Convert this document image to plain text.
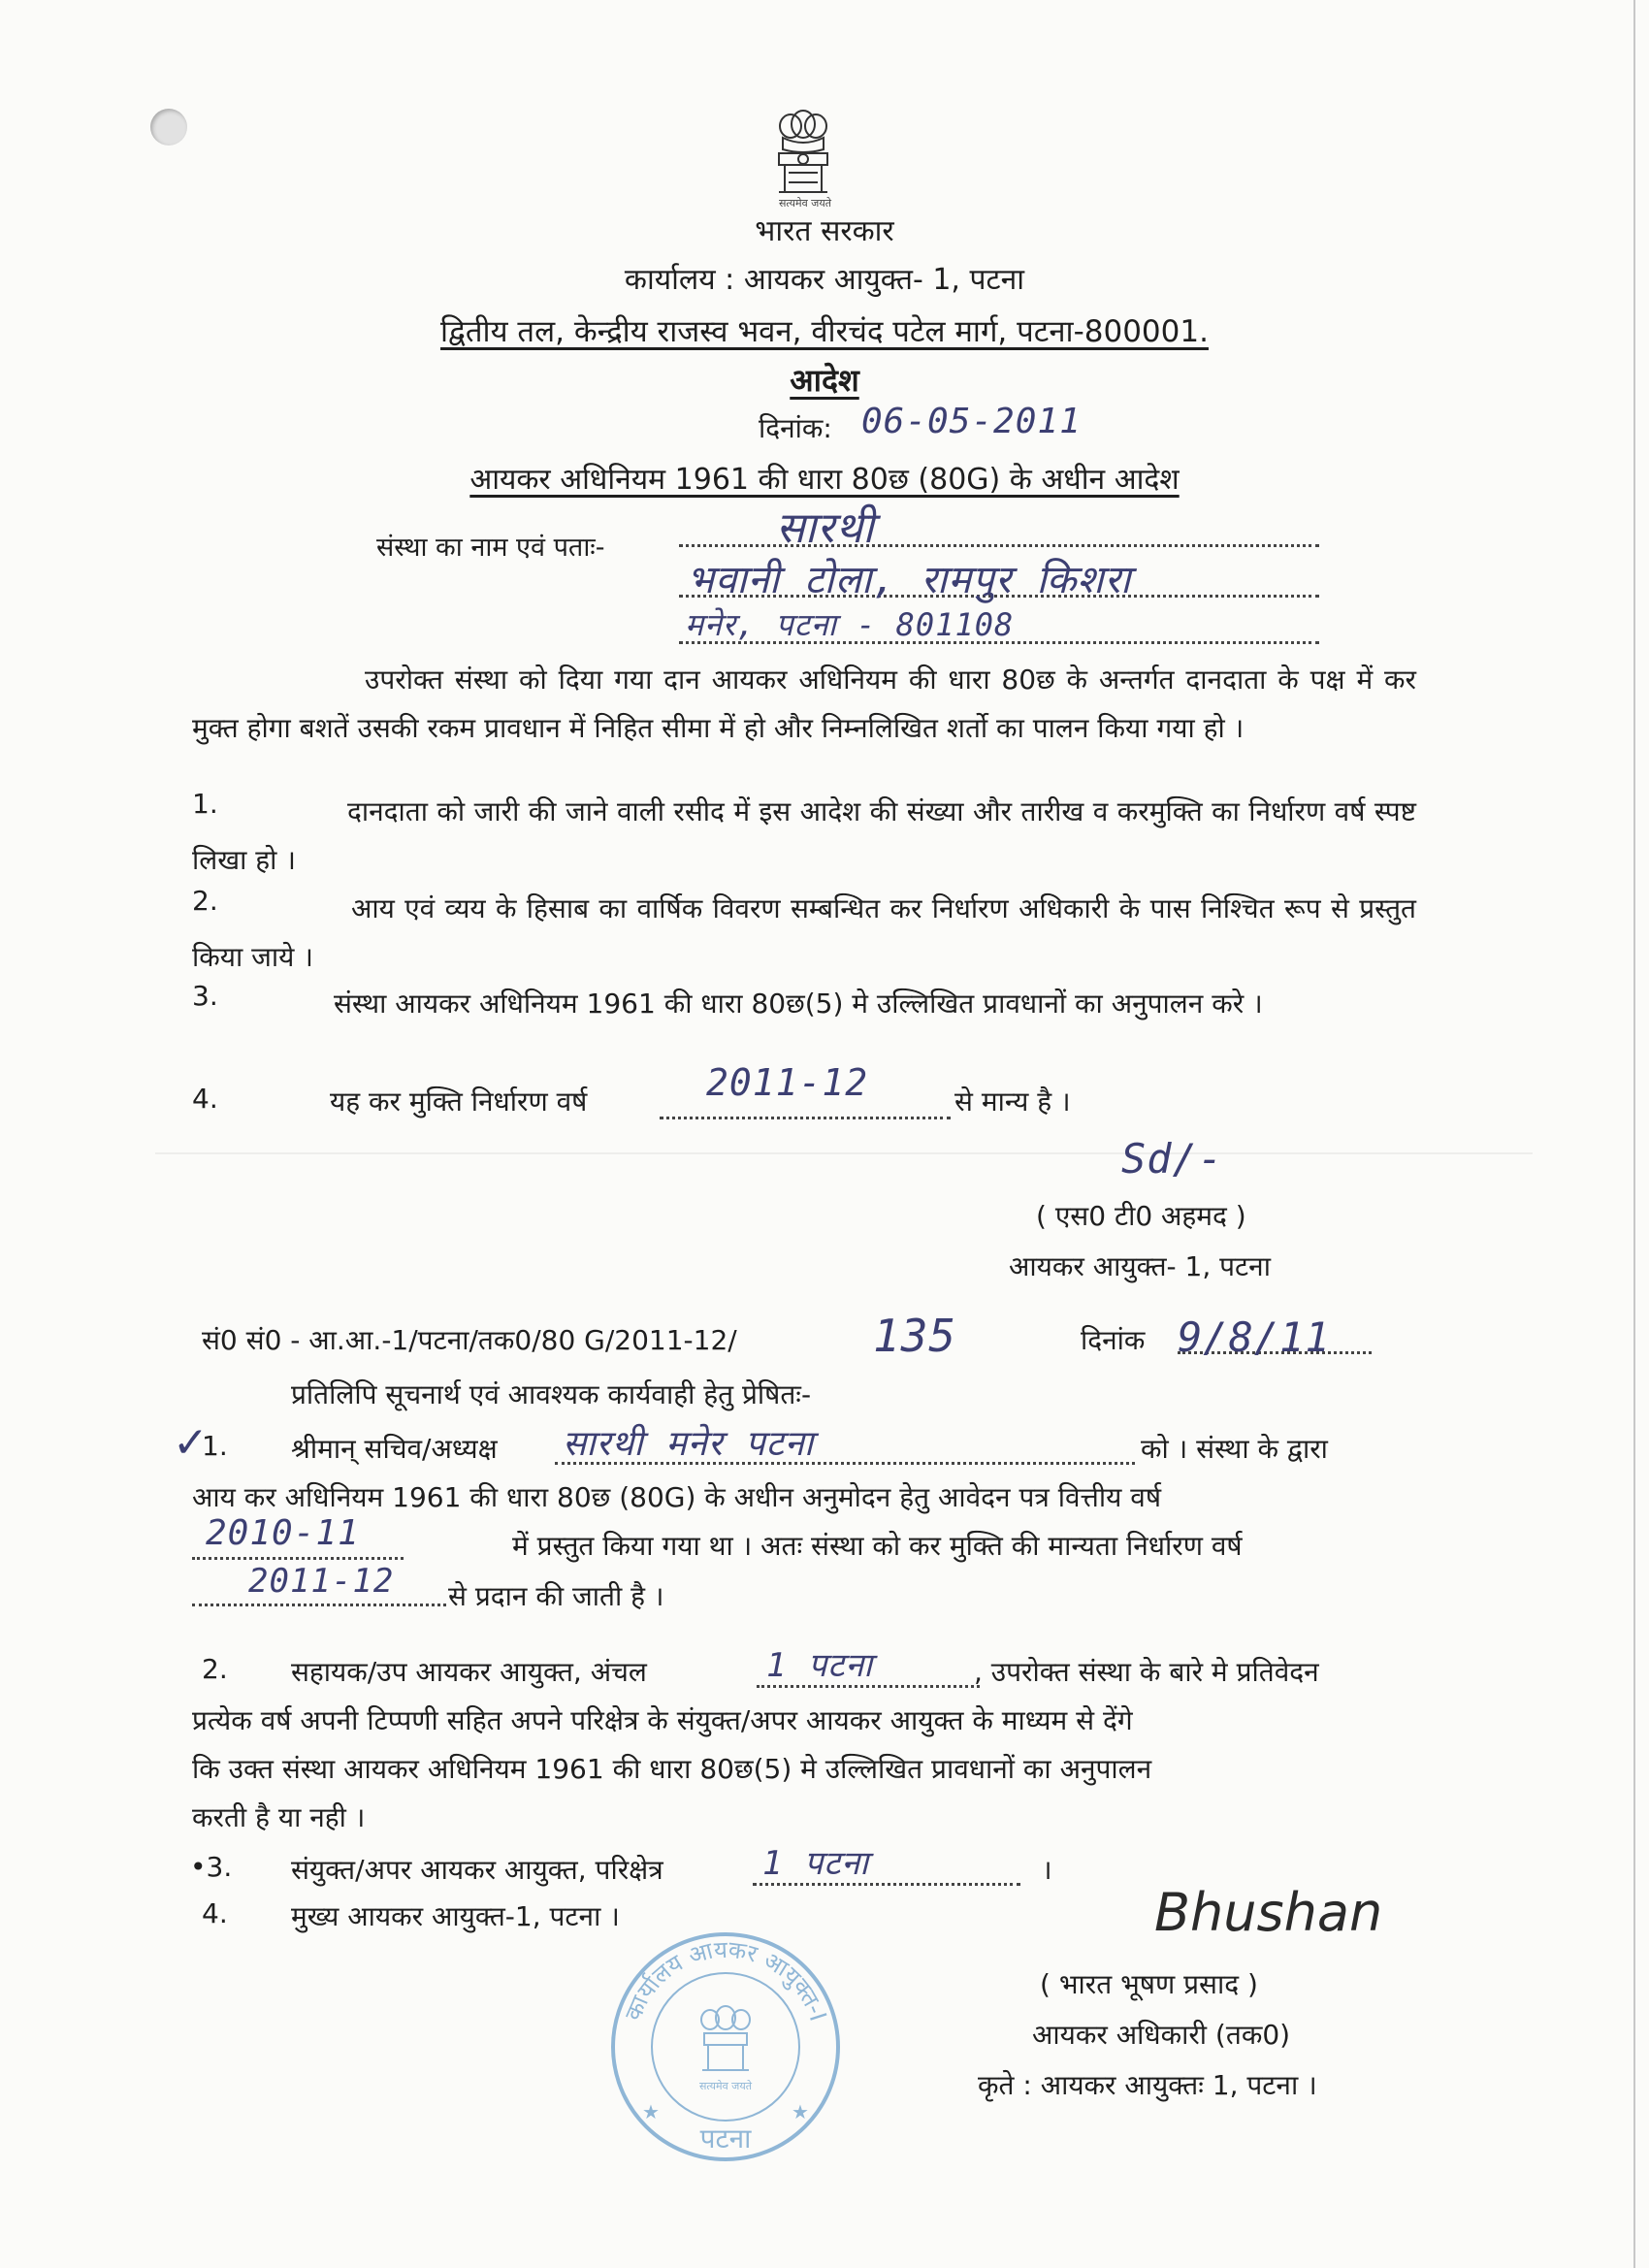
सत्यमेव जयते
भारत सरकार
कार्यालय : आयकर आयुक्त- 1, पटना
द्वितीय तल, केन्द्रीय राजस्व भवन, वीरचंद पटेल मार्ग, पटना-800001.
आदेश
दिनांक: 06-05-2011
आयकर अधिनियम 1961 की धारा 80छ (80G) के अधीन आदेश
संस्था का नाम एवं पताः-	सारथी
भवानी टोला, रामपुर किशरा
मनेर, पटना - 801108
उपरोक्त संस्था को दिया गया दान आयकर अधिनियम की धारा 80छ के अन्तर्गत दानदाता के पक्ष में कर मुक्त होगा बशतें उसकी रकम प्रावधान में निहित सीमा में हो और निम्नलिखित शर्तो का पालन किया गया हो ।
1.	दानदाता को जारी की जाने वाली रसीद में इस आदेश की संख्या और तारीख व करमुक्ति का निर्धारण वर्ष स्पष्ट लिखा हो ।
2.	आय एवं व्यय के हिसाब का वार्षिक विवरण सम्बन्धित कर निर्धारण अधिकारी के पास निश्चित रूप से प्रस्तुत किया जाये ।
3.	संस्था आयकर अधिनियम 1961 की धारा 80छ(5) मे उल्लिखित प्रावधानों का अनुपालन करे ।
4.	यह कर मुक्ति निर्धारण वर्ष	2011-12	से मान्य है ।
Sd/-
( एस0 टी0 अहमद )
आयकर आयुक्त- 1, पटना
सं0 सं0 - आ.आ.-1/पटना/तक0/80 G/2011-12/	135	दिनांक 9/8/11
प्रतिलिपि सूचनार्थ एवं आवश्यक कार्यवाही हेतु प्रेषितः-
✓
1. श्रीमान् सचिव/अध्यक्ष सारथी मनेर पटना	को । संस्था के द्वारा
आय कर अधिनियम 1961 की धारा 80छ (80G) के अधीन अनुमोदन हेतु आवेदन पत्र वित्तीय वर्ष
2010-11	में प्रस्तुत किया गया था । अतः संस्था को कर मुक्ति की मान्यता निर्धारण वर्ष
2011-12 से प्रदान की जाती है ।
2. सहायक/उप आयकर आयुक्त, अंचल	1 पटना	, उपरोक्त संस्था के बारे मे प्रतिवेदन
प्रत्येक वर्ष अपनी टिप्पणी सहित अपने परिक्षेत्र के संयुक्त/अपर आयकर आयुक्त के माध्यम से देंगे
कि उक्त संस्था आयकर अधिनियम 1961 की धारा 80छ(5) मे उल्लिखित प्रावधानों का अनुपालन
करती है या नही ।
•3. संयुक्त/अपर आयकर आयुक्त, परिक्षेत्र	1 पटना	।
4. मुख्य आयकर आयुक्त-1, पटना ।	Bhushan
( भारत भूषण प्रसाद )
आयकर अधिकारी (तक0)
कृते : आयकर आयुक्तः 1, पटना ।
कार्यालय आयकर आयुक्त-I
पटना
★	★
सत्यमेव जयते
